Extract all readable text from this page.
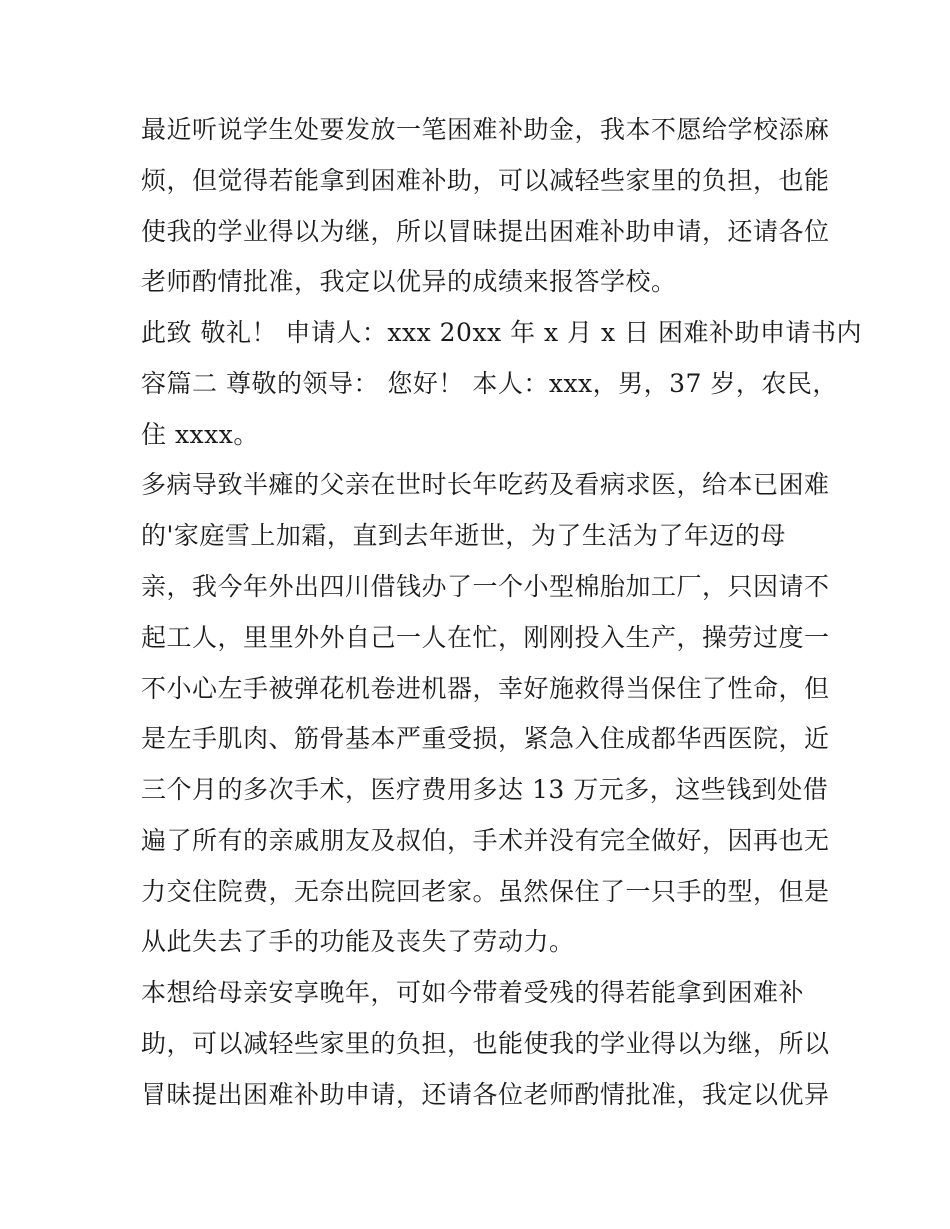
最近听说学生处要发放一笔困难补助金，我本不愿给学校添麻
烦，但觉得若能拿到困难补助，可以减轻些家里的负担，也能
使我的学业得以为继，所以冒昧提出困难补助申请，还请各位
老师酌情批准，我定以优异的成绩来报答学校。
此致 敬礼！ 申请人：xxx 20xx 年 x 月 x 日 困难补助申请书内
容篇二 尊敬的领导： 您好！ 本人：xxx，男，37 岁，农民，
住 xxxx。
多病导致半瘫的父亲在世时长年吃药及看病求医，给本已困难
的'家庭雪上加霜，直到去年逝世，为了生活为了年迈的母
亲，我今年外出四川借钱办了一个小型棉胎加工厂，只因请不
起工人，里里外外自己一人在忙，刚刚投入生产，操劳过度一
不小心左手被弹花机卷进机器，幸好施救得当保住了性命，但
是左手肌肉、筋骨基本严重受损，紧急入住成都华西医院，近
三个月的多次手术，医疗费用多达 13 万元多，这些钱到处借
遍了所有的亲戚朋友及叔伯，手术并没有完全做好，因再也无
力交住院费，无奈出院回老家。虽然保住了一只手的型，但是
从此失去了手的功能及丧失了劳动力。
本想给母亲安享晚年，可如今带着受残的得若能拿到困难补
助，可以减轻些家里的负担，也能使我的学业得以为继，所以
冒昧提出困难补助申请，还请各位老师酌情批准，我定以优异
